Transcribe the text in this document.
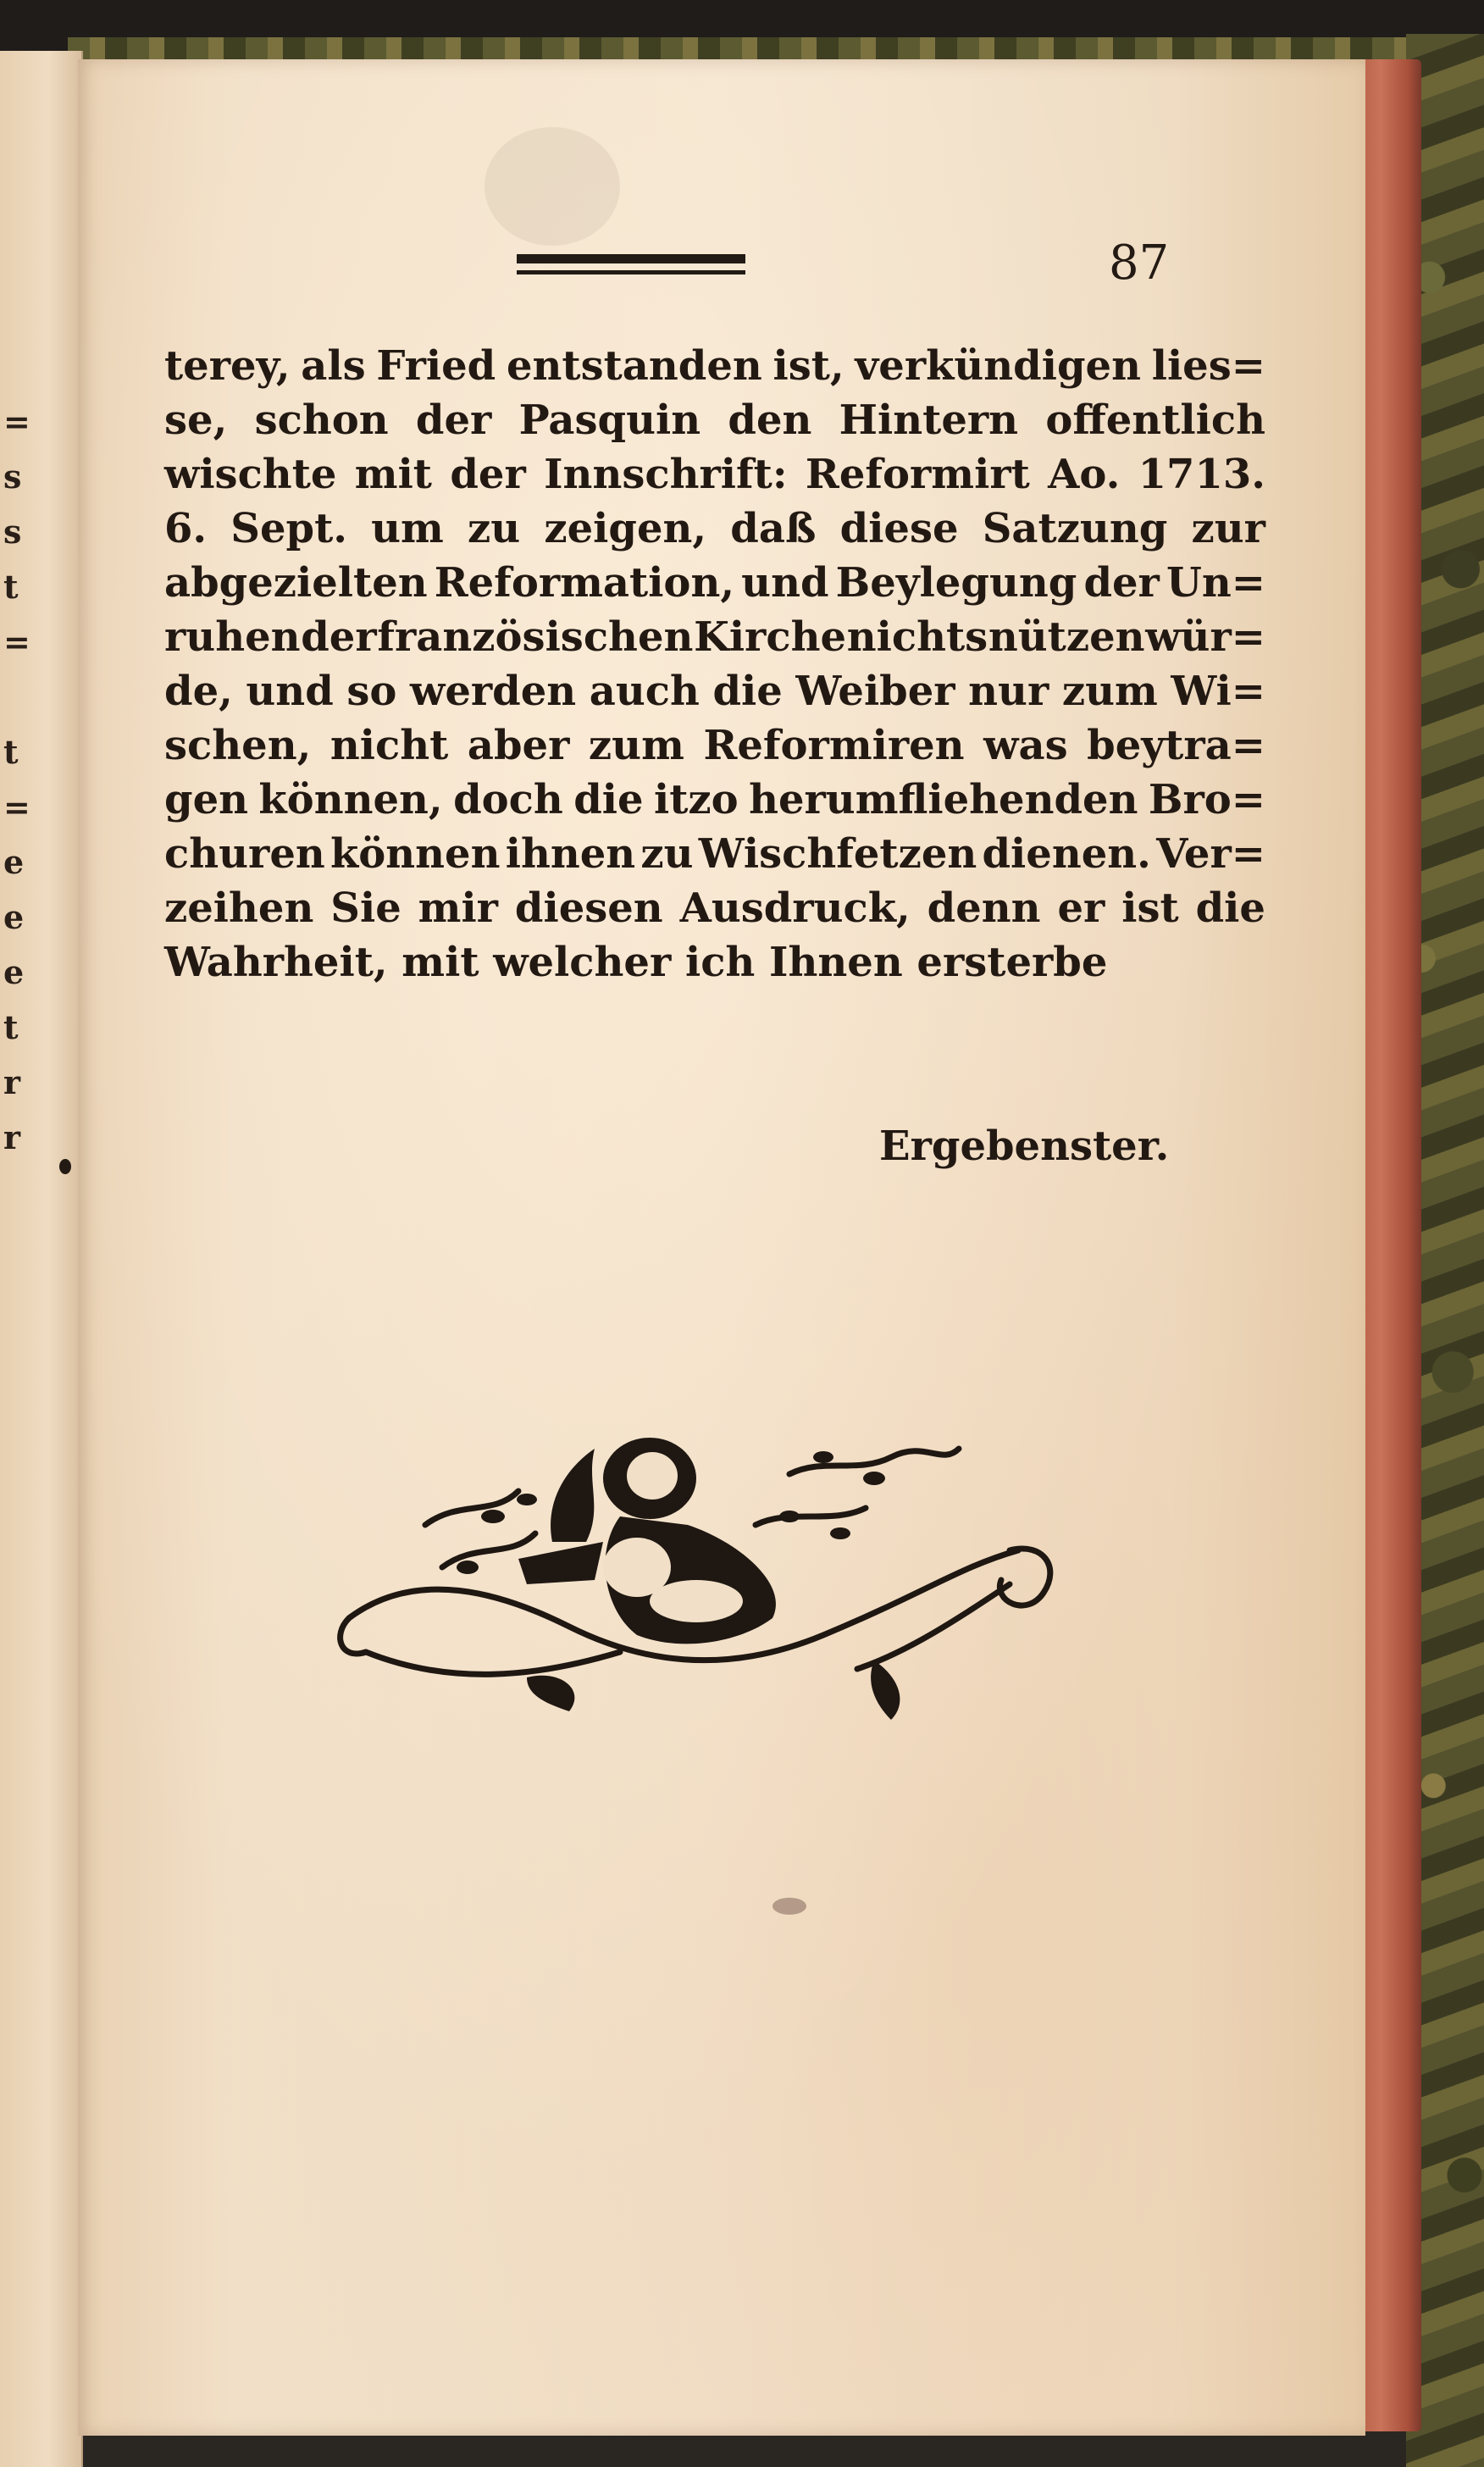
=
s
s
t
=
t
=
e
e
e
t
r
r
87
terey, als Fried entstanden ist, verkündigen lies=
se, schon der Pasquin den Hintern offentlich
wischte mit der Innschrift: Reformirt Ao. 1713.
6. Sept. um zu zeigen, daß diese Satzung zur
abgezielten Reformation, und Beylegung der Un=
ruhen der französischen Kirche nichts nützen wür=
de, und so werden auch die Weiber nur zum Wi=
schen, nicht aber zum Reformiren was beytra=
gen können, doch die itzo herumfliehenden Bro=
churen können ihnen zu Wischfetzen dienen. Ver=
zeihen Sie mir diesen Ausdruck, denn er ist die
Wahrheit, mit welcher ich Ihnen ersterbe
Ergebenster.
